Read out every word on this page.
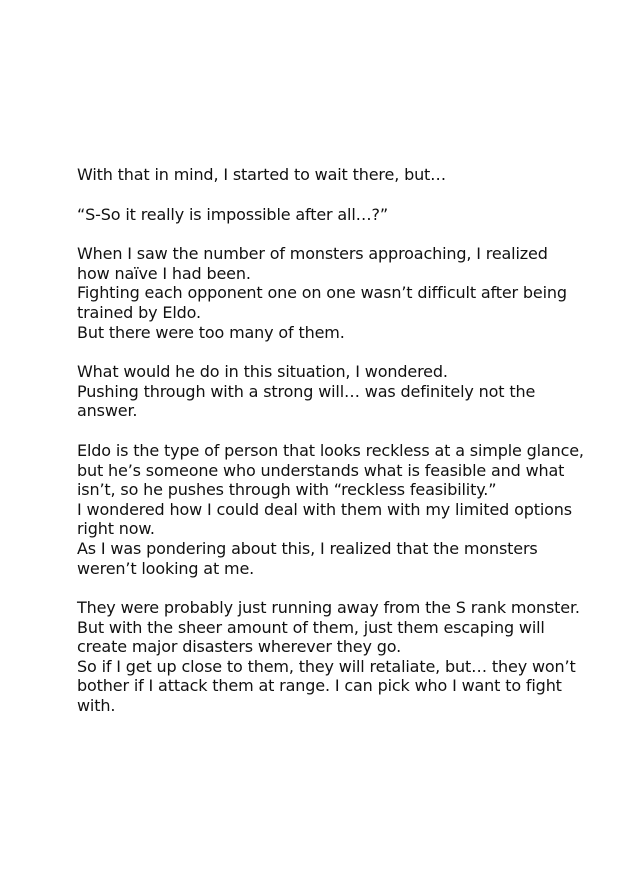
With that in mind, I started to wait there, but…

“S-So it really is impossible after all…?”

When I saw the number of monsters approaching, I realized
how naïve I had been.
Fighting each opponent one on one wasn’t difficult after being
trained by Eldo.
But there were too many of them.

What would he do in this situation, I wondered.
Pushing through with a strong will… was definitely not the
answer.

Eldo is the type of person that looks reckless at a simple glance,
but he’s someone who understands what is feasible and what
isn’t, so he pushes through with “reckless feasibility.”
I wondered how I could deal with them with my limited options
right now.
As I was pondering about this, I realized that the monsters
weren’t looking at me.

They were probably just running away from the S rank monster.
But with the sheer amount of them, just them escaping will
create major disasters wherever they go.
So if I get up close to them, they will retaliate, but… they won’t
bother if I attack them at range. I can pick who I want to fight
with.
